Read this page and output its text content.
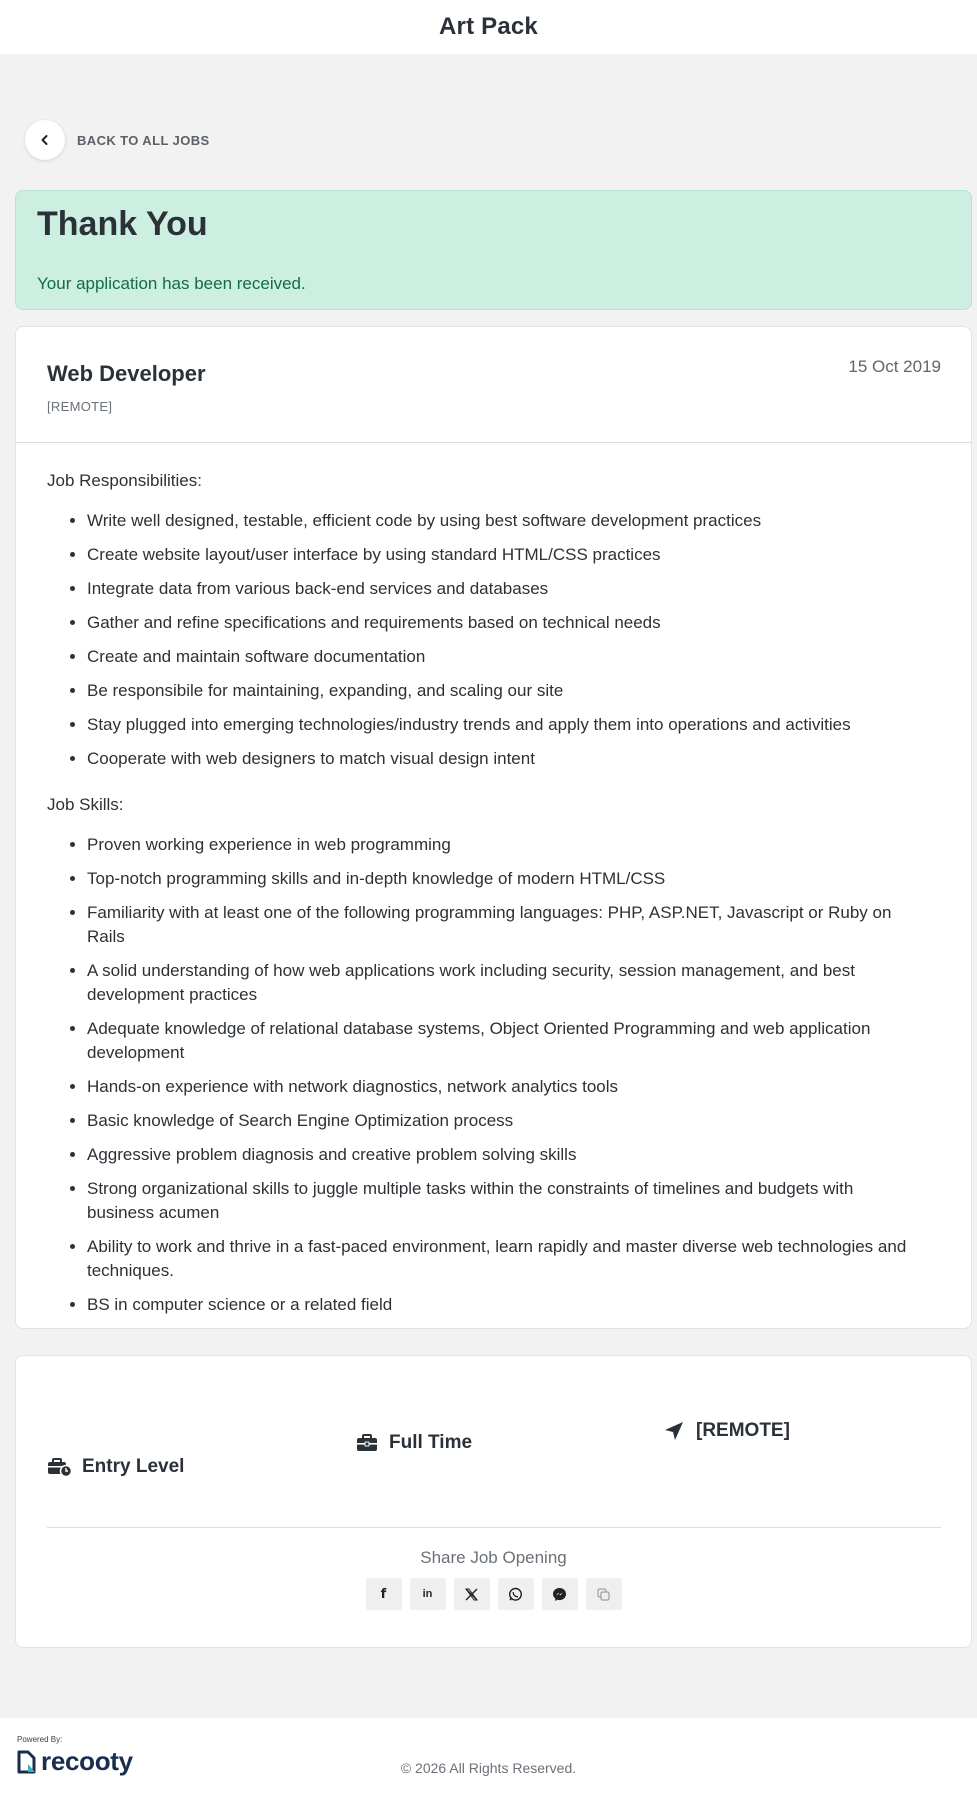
Art Pack
BACK TO ALL JOBS
Thank You

Your application has been received.

Web Developer
[REMOTE]
15 Oct 2019
Job Responsibilities:
• Write well designed, testable, efficient code by using best software development practices
• Create website layout/user interface by using standard HTML/CSS practices
• Integrate data from various back-end services and databases
• Gather and refine specifications and requirements based on technical needs
• Create and maintain software documentation
• Be responsibile for maintaining, expanding, and scaling our site
• Stay plugged into emerging technologies/industry trends and apply them into operations and activities
• Cooperate with web designers to match visual design intent
Job Skills:
• Proven working experience in web programming
• Top-notch programming skills and in-depth knowledge of modern HTML/CSS
• Familiarity with at least one of the following programming languages: PHP, ASP.NET, Javascript or Ruby on Rails
• A solid understanding of how web applications work including security, session management, and best development practices
• Adequate knowledge of relational database systems, Object Oriented Programming and web application development
• Hands-on experience with network diagnostics, network analytics tools
• Basic knowledge of Search Engine Optimization process
• Aggressive problem diagnosis and creative problem solving skills
• Strong organizational skills to juggle multiple tasks within the constraints of timelines and budgets with business acumen
• Ability to work and thrive in a fast-paced environment, learn rapidly and master diverse web technologies and techniques.
• BS in computer science or a related field
Entry Level
Full Time
[REMOTE]
Share Job Opening
f	in
Powered By:
recooty	© 2026 All Rights Reserved.
